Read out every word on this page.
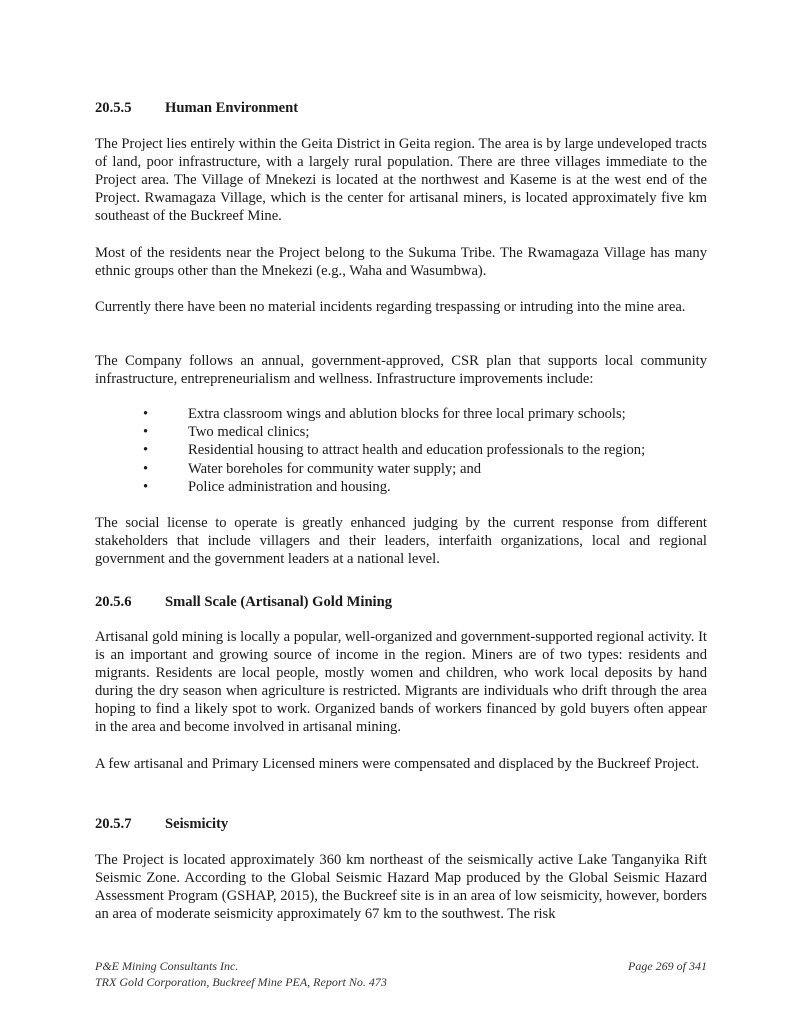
20.5.5 Human Environment

The Project lies entirely within the Geita District in Geita region. The area is by large undeveloped tracts of land, poor infrastructure, with a largely rural population. There are three villages immediate to the Project area. The Village of Mnekezi is located at the northwest and Kaseme is at the west end of the Project. Rwamagaza Village, which is the center for artisanal miners, is located approximately five km southeast of the Buckreef Mine.

Most of the residents near the Project belong to the Sukuma Tribe. The Rwamagaza Village has many ethnic groups other than the Mnekezi (e.g., Waha and Wasumbwa).

Currently there have been no material incidents regarding trespassing or intruding into the mine area.

The Company follows an annual, government-approved, CSR plan that supports local community infrastructure, entrepreneurialism and wellness. Infrastructure improvements include:

•	Extra classroom wings and ablution blocks for three local primary schools;
•	Two medical clinics;
•	Residential housing to attract health and education professionals to the region;
•	Water boreholes for community water supply; and
•	Police administration and housing.

The social license to operate is greatly enhanced judging by the current response from different stakeholders that include villagers and their leaders, interfaith organizations, local and regional government and the government leaders at a national level.

20.5.6 Small Scale (Artisanal) Gold Mining

Artisanal gold mining is locally a popular, well-organized and government-supported regional activity. It is an important and growing source of income in the region. Miners are of two types: residents and migrants. Residents are local people, mostly women and children, who work local deposits by hand during the dry season when agriculture is restricted. Migrants are individuals who drift through the area hoping to find a likely spot to work. Organized bands of workers financed by gold buyers often appear in the area and become involved in artisanal mining.

A few artisanal and Primary Licensed miners were compensated and displaced by the Buckreef Project.

20.5.7 Seismicity

The Project is located approximately 360 km northeast of the seismically active Lake Tanganyika Rift Seismic Zone. According to the Global Seismic Hazard Map produced by the Global Seismic Hazard Assessment Program (GSHAP, 2015), the Buckreef site is in an area of low seismicity, however, borders an area of moderate seismicity approximately 67 km to the southwest. The risk

P&E Mining Consultants Inc.	Page 269 of 341
TRX Gold Corporation, Buckreef Mine PEA, Report No. 473
